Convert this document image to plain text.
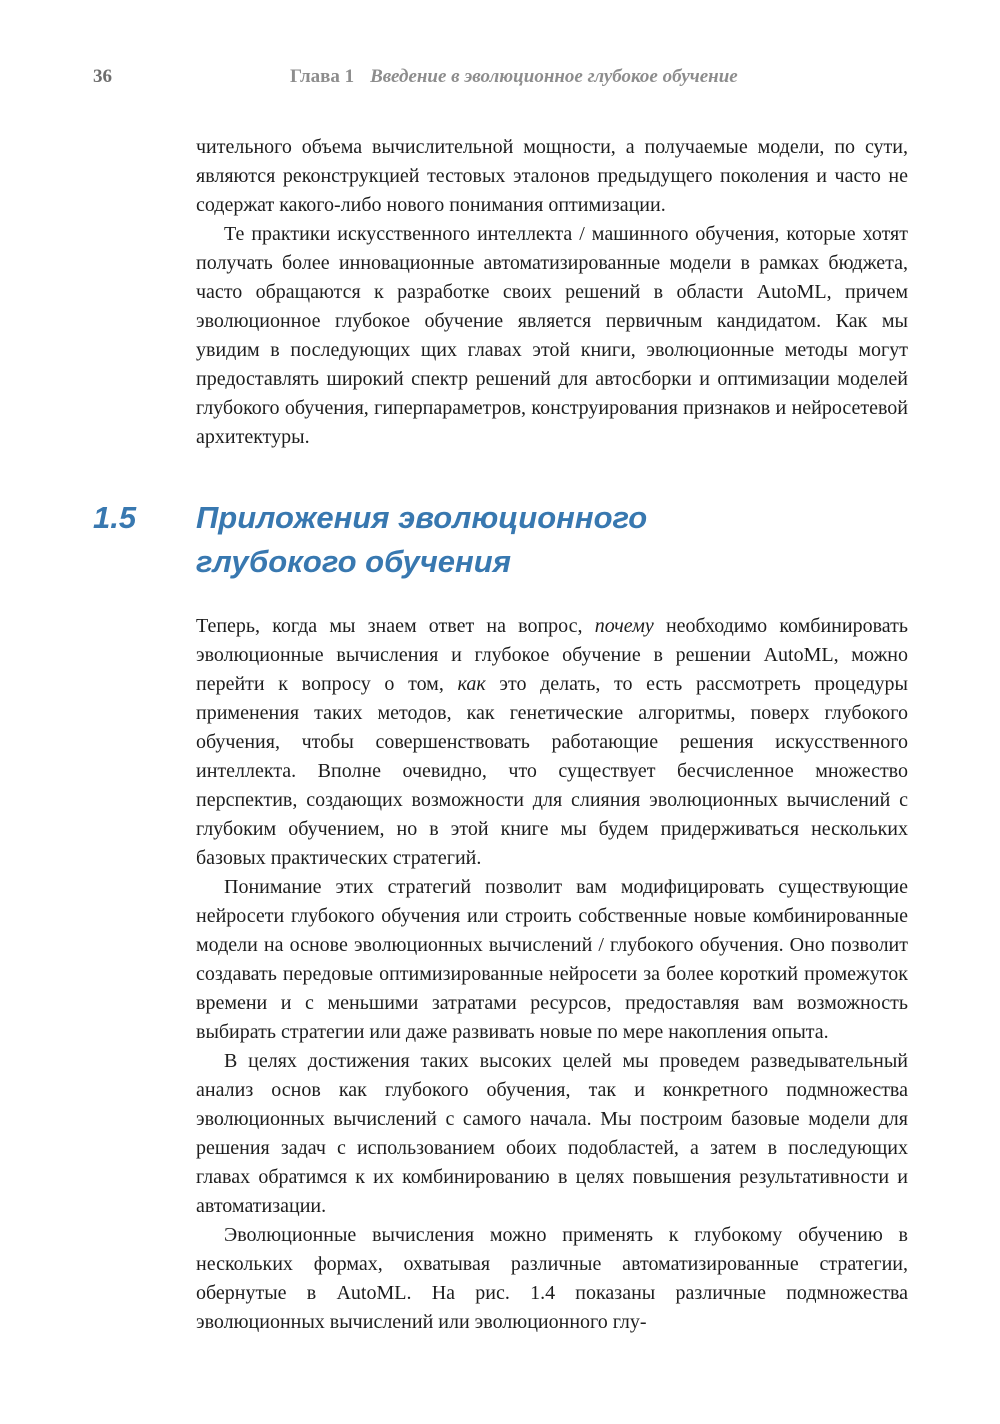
36	Глава 1 Введение в эволюционное глубокое обучение

чительного объема вычислительной мощности, а получаемые модели, по сути, являются реконструкцией тестовых эталонов предыдущего поколения и часто не содержат какого-либо нового понимания оптимизации.

Те практики искусственного интеллекта / машинного обучения, которые хотят получать более инновационные автоматизированные модели в рамках бюджета, часто обращаются к разработке своих решений в области AutoML, причем эволюционное глубокое обучение является первичным кандидатом. Как мы увидим в последующих щих главах этой книги, эволюционные методы могут предоставлять широкий спектр решений для автосборки и оптимизации моделей глубокого обучения, гиперпараметров, конструирования признаков и нейросетевой архитектуры.

1.5	Приложения эволюционного глубокого обучения

Теперь, когда мы знаем ответ на вопрос, почему необходимо комбинировать эволюционные вычисления и глубокое обучение в решении AutoML, можно перейти к вопросу о том, как это делать, то есть рассмотреть процедуры применения таких методов, как генетические алгоритмы, поверх глубокого обучения, чтобы совершенствовать работающие решения искусственного интеллекта. Вполне очевидно, что существует бесчисленное множество перспектив, создающих возможности для слияния эволюционных вычислений с глубоким обучением, но в этой книге мы будем придерживаться нескольких базовых практических стратегий.

Понимание этих стратегий позволит вам модифицировать существующие нейросети глубокого обучения или строить собственные новые комбинированные модели на основе эволюционных вычислений / глубокого обучения. Оно позволит создавать передовые оптимизированные нейросети за более короткий промежуток времени и с меньшими затратами ресурсов, предоставляя вам возможность выбирать стратегии или даже развивать новые по мере накопления опыта.

В целях достижения таких высоких целей мы проведем разведывательный анализ основ как глубокого обучения, так и конкретного подмножества эволюционных вычислений с самого начала. Мы построим базовые модели для решения задач с использованием обоих подобластей, а затем в последующих главах обратимся к их комбинированию в целях повышения результативности и автоматизации.

Эволюционные вычисления можно применять к глубокому обучению в нескольких формах, охватывая различные автоматизированные стратегии, обернутые в AutoML. На рис. 1.4 показаны различные подмножества эволюционных вычислений или эволюционного глу-
